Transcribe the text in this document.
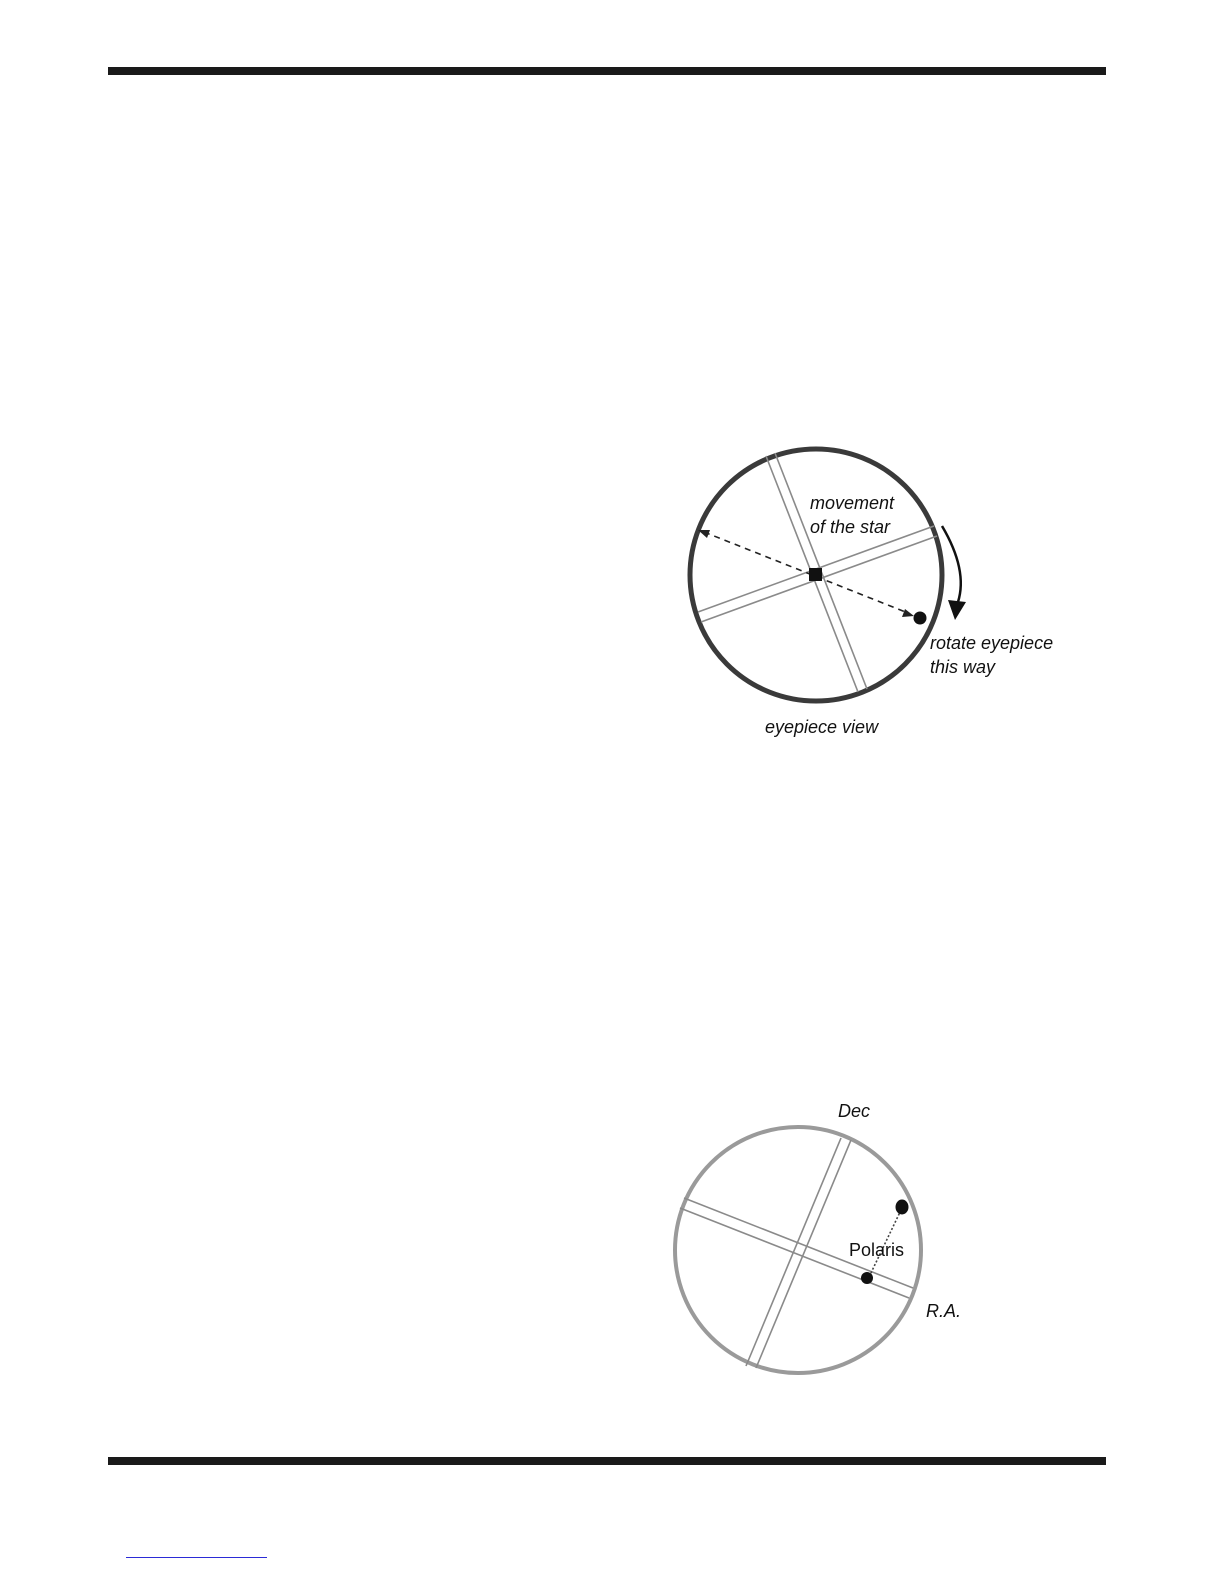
movement
of the star
rotate eyepiece
this way
eyepiece view
Dec
Polaris
R.A.
